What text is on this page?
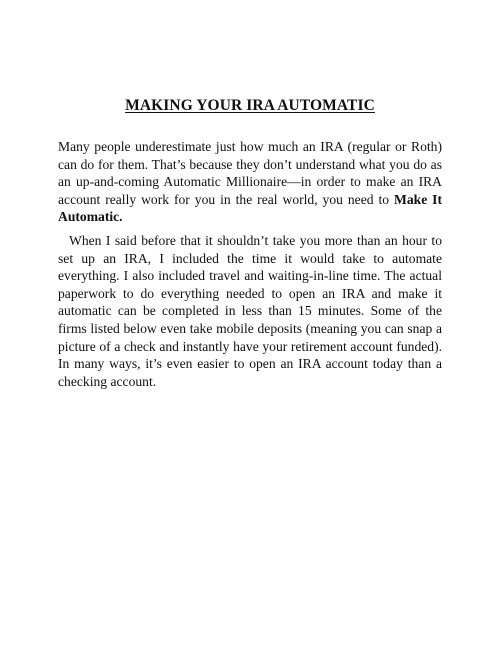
MAKING YOUR IRA AUTOMATIC

Many people underestimate just how much an IRA (regular or Roth) can do for them. That’s because they don’t understand what you do as an up-and-coming Automatic Millionaire—in order to make an IRA account really work for you in the real world, you need to Make It Automatic.

When I said before that it shouldn’t take you more than an hour to set up an IRA, I included the time it would take to automate everything. I also included travel and waiting-in-line time. The actual paperwork to do everything needed to open an IRA and make it automatic can be completed in less than 15 minutes. Some of the firms listed below even take mobile deposits (meaning you can snap a picture of a check and instantly have your retirement account funded). In many ways, it’s even easier to open an IRA account today than a checking account.
